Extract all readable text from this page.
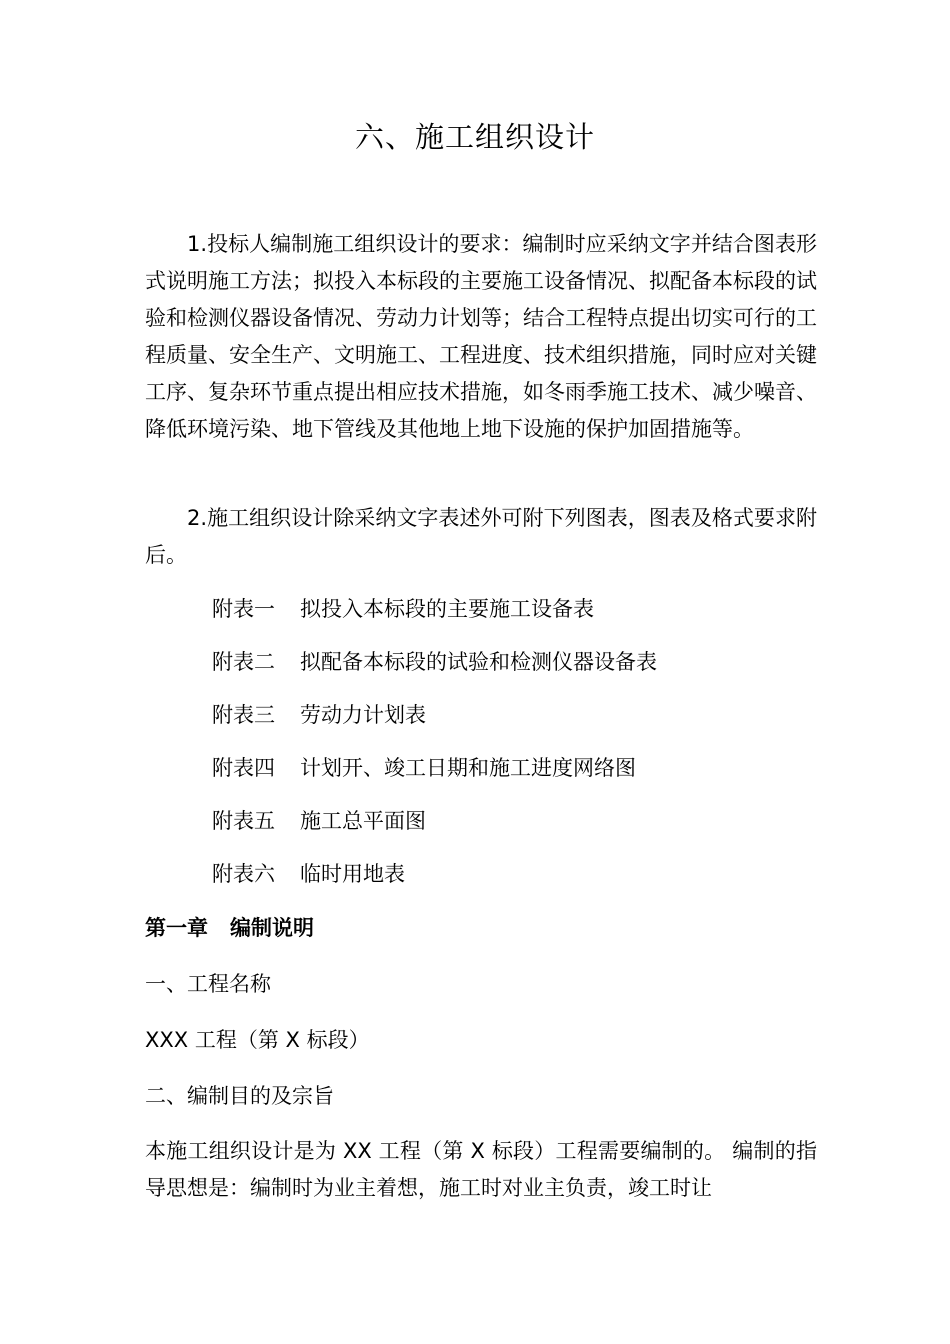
六、施工组织设计
1.投标人编制施工组织设计的要求：编制时应采纳文字并结合图表形式说明施工方法；拟投入本标段的主要施工设备情况、拟配备本标段的试验和检测仪器设备情况、劳动力计划等；结合工程特点提出切实可行的工程质量、安全生产、文明施工、工程进度、技术组织措施，同时应对关键工序、复杂环节重点提出相应技术措施，如冬雨季施工技术、减少噪音、降低环境污染、地下管线及其他地上地下设施的保护加固措施等。
2.施工组织设计除采纳文字表述外可附下列图表，图表及格式要求附后。
附表一 拟投入本标段的主要施工设备表
附表二 拟配备本标段的试验和检测仪器设备表
附表三 劳动力计划表
附表四 计划开、竣工日期和施工进度网络图
附表五 施工总平面图
附表六 临时用地表
第一章 编制说明
一、工程名称
XXX 工程（第 X 标段）
二、编制目的及宗旨
本施工组织设计是为 XX 工程（第 X 标段）工程需要编制的。 编制的指导思想是：编制时为业主着想，施工时对业主负责，竣工时让
